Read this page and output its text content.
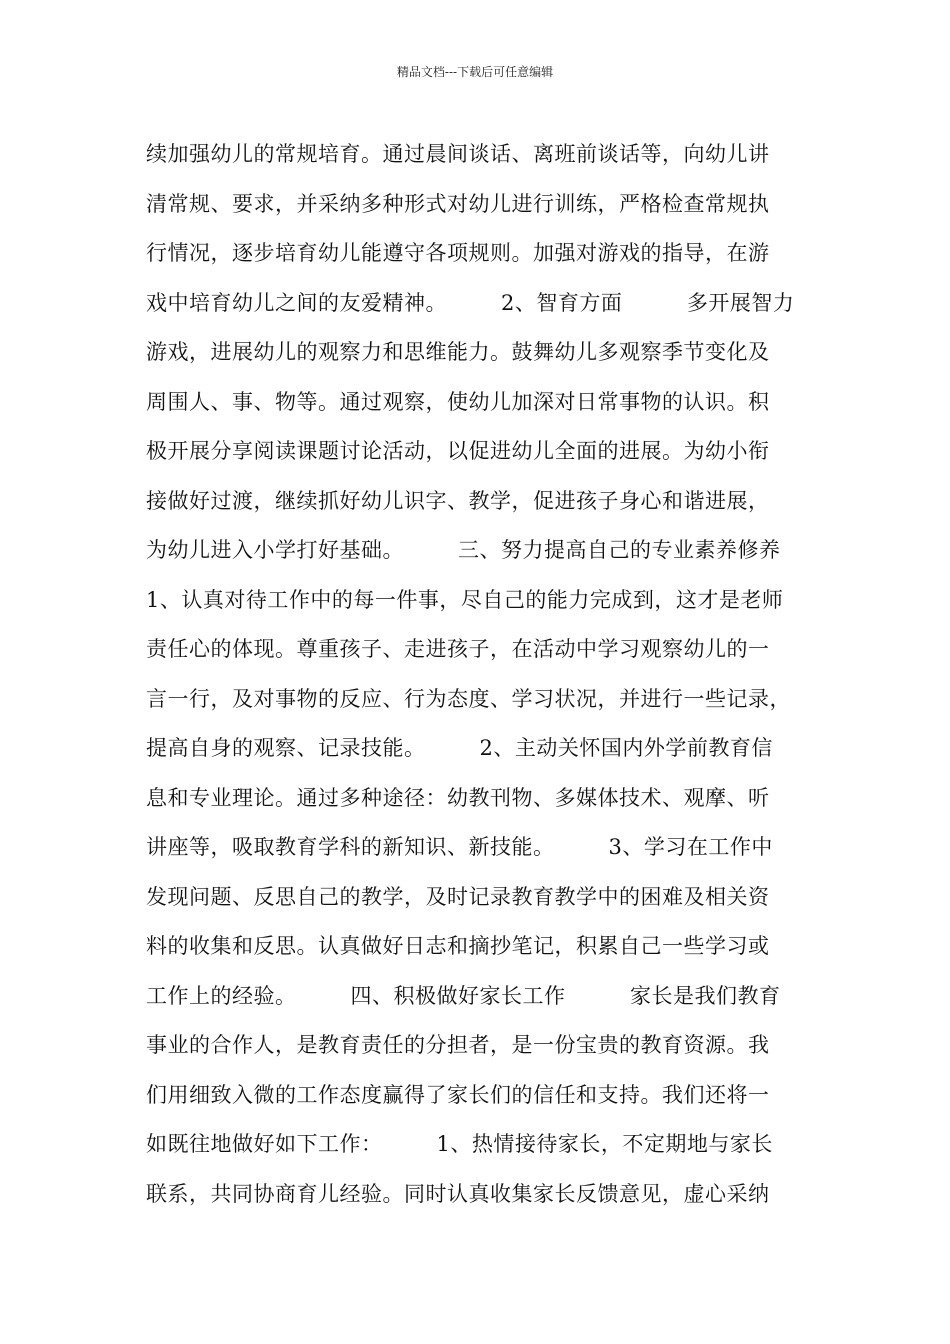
精品文档---下载后可任意编辑
续加强幼儿的常规培育。通过晨间谈话、离班前谈话等，向幼儿讲
清常规、要求，并采纳多种形式对幼儿进行训练，严格检查常规执
行情况，逐步培育幼儿能遵守各项规则。加强对游戏的指导，在游
戏中培育幼儿之间的友爱精神。　　　2、智育方面　　　多开展智力
游戏，进展幼儿的观察力和思维能力。鼓舞幼儿多观察季节变化及
周围人、事、物等。通过观察，使幼儿加深对日常事物的认识。积
极开展分享阅读课题讨论活动，以促进幼儿全面的进展。为幼小衔
接做好过渡，继续抓好幼儿识字、教学，促进孩子身心和谐进展，
为幼儿进入小学打好基础。　　　三、努力提高自己的专业素养修养
1、认真对待工作中的每一件事，尽自己的能力完成到，这才是老师
责任心的体现。尊重孩子、走进孩子，在活动中学习观察幼儿的一
言一行，及对事物的反应、行为态度、学习状况，并进行一些记录，
提高自身的观察、记录技能。　　　2、主动关怀国内外学前教育信
息和专业理论。通过多种途径：幼教刊物、多媒体技术、观摩、听
讲座等，吸取教育学科的新知识、新技能。　　　3、学习在工作中
发现问题、反思自己的教学，及时记录教育教学中的困难及相关资
料的收集和反思。认真做好日志和摘抄笔记，积累自己一些学习或
工作上的经验。　　　四、积极做好家长工作　　　家长是我们教育
事业的合作人，是教育责任的分担者，是一份宝贵的教育资源。我
们用细致入微的工作态度赢得了家长们的信任和支持。我们还将一
如既往地做好如下工作：　　　1、热情接待家长，不定期地与家长
联系，共同协商育儿经验。同时认真收集家长反馈意见，虚心采纳
